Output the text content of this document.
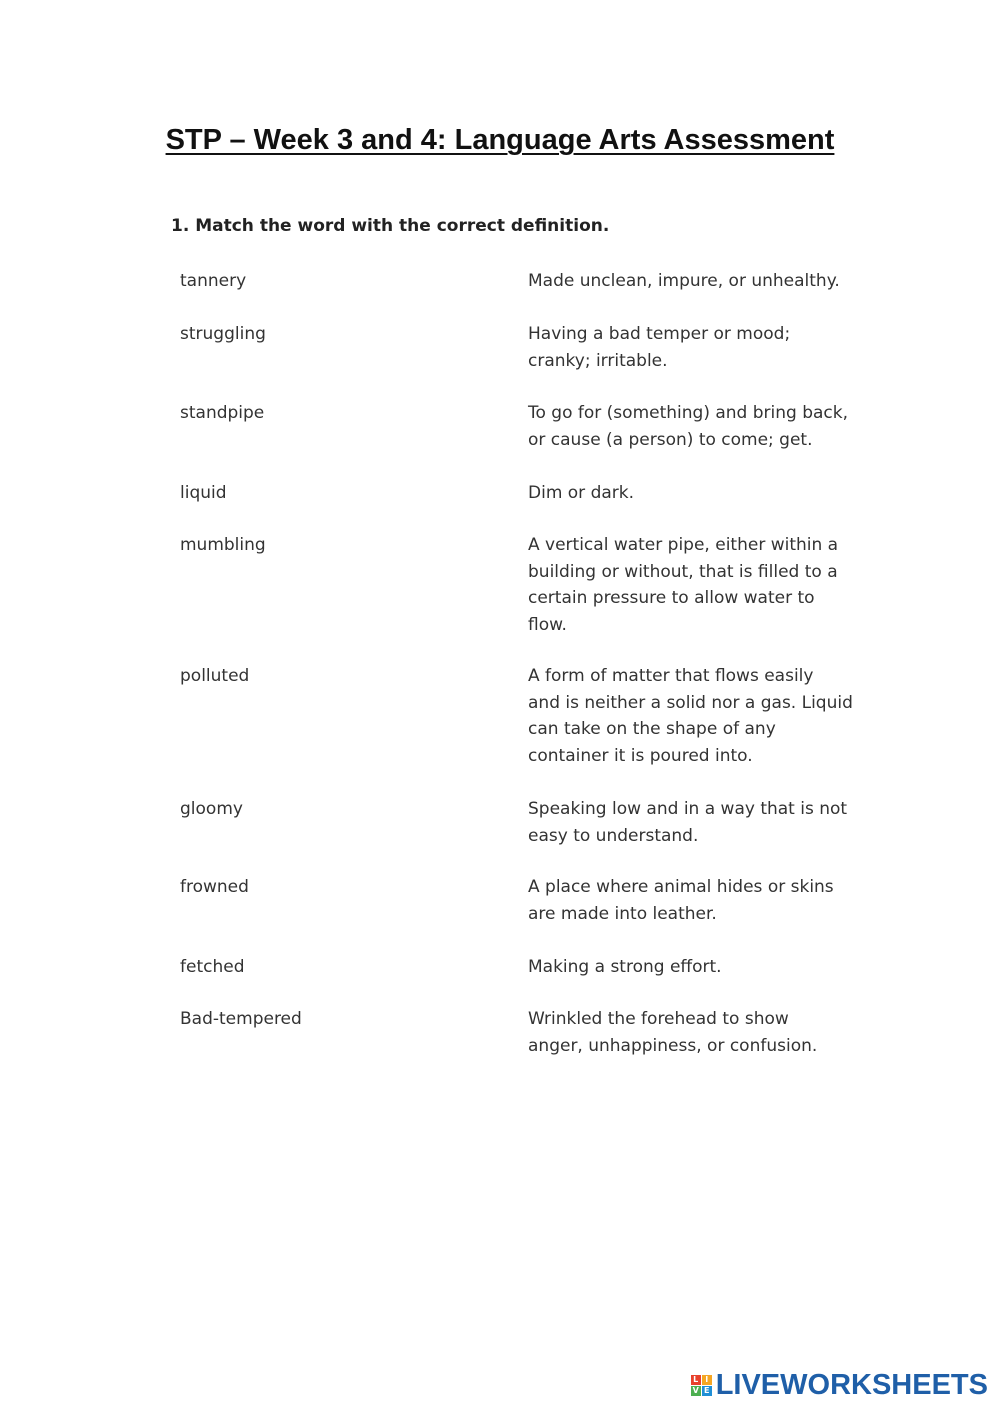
STP – Week 3 and 4: Language Arts Assessment
1. Match the word with the correct definition.
tannery	Made unclean, impure, or unhealthy.
struggling	Having a bad temper or mood;
cranky; irritable.
standpipe	To go for (something) and bring back,
or cause (a person) to come; get.
liquid	Dim or dark.
mumbling	A vertical water pipe, either within a
building or without, that is filled to a
certain pressure to allow water to
flow.
polluted	A form of matter that flows easily
and is neither a solid nor a gas. Liquid
can take on the shape of any
container it is poured into.
gloomy	Speaking low and in a way that is not
easy to understand.
frowned	A place where animal hides or skins
are made into leather.
fetched	Making a strong effort.
Bad-tempered	Wrinkled the forehead to show
anger, unhappiness, or confusion.
L I
V E LIVEWORKSHEETS
